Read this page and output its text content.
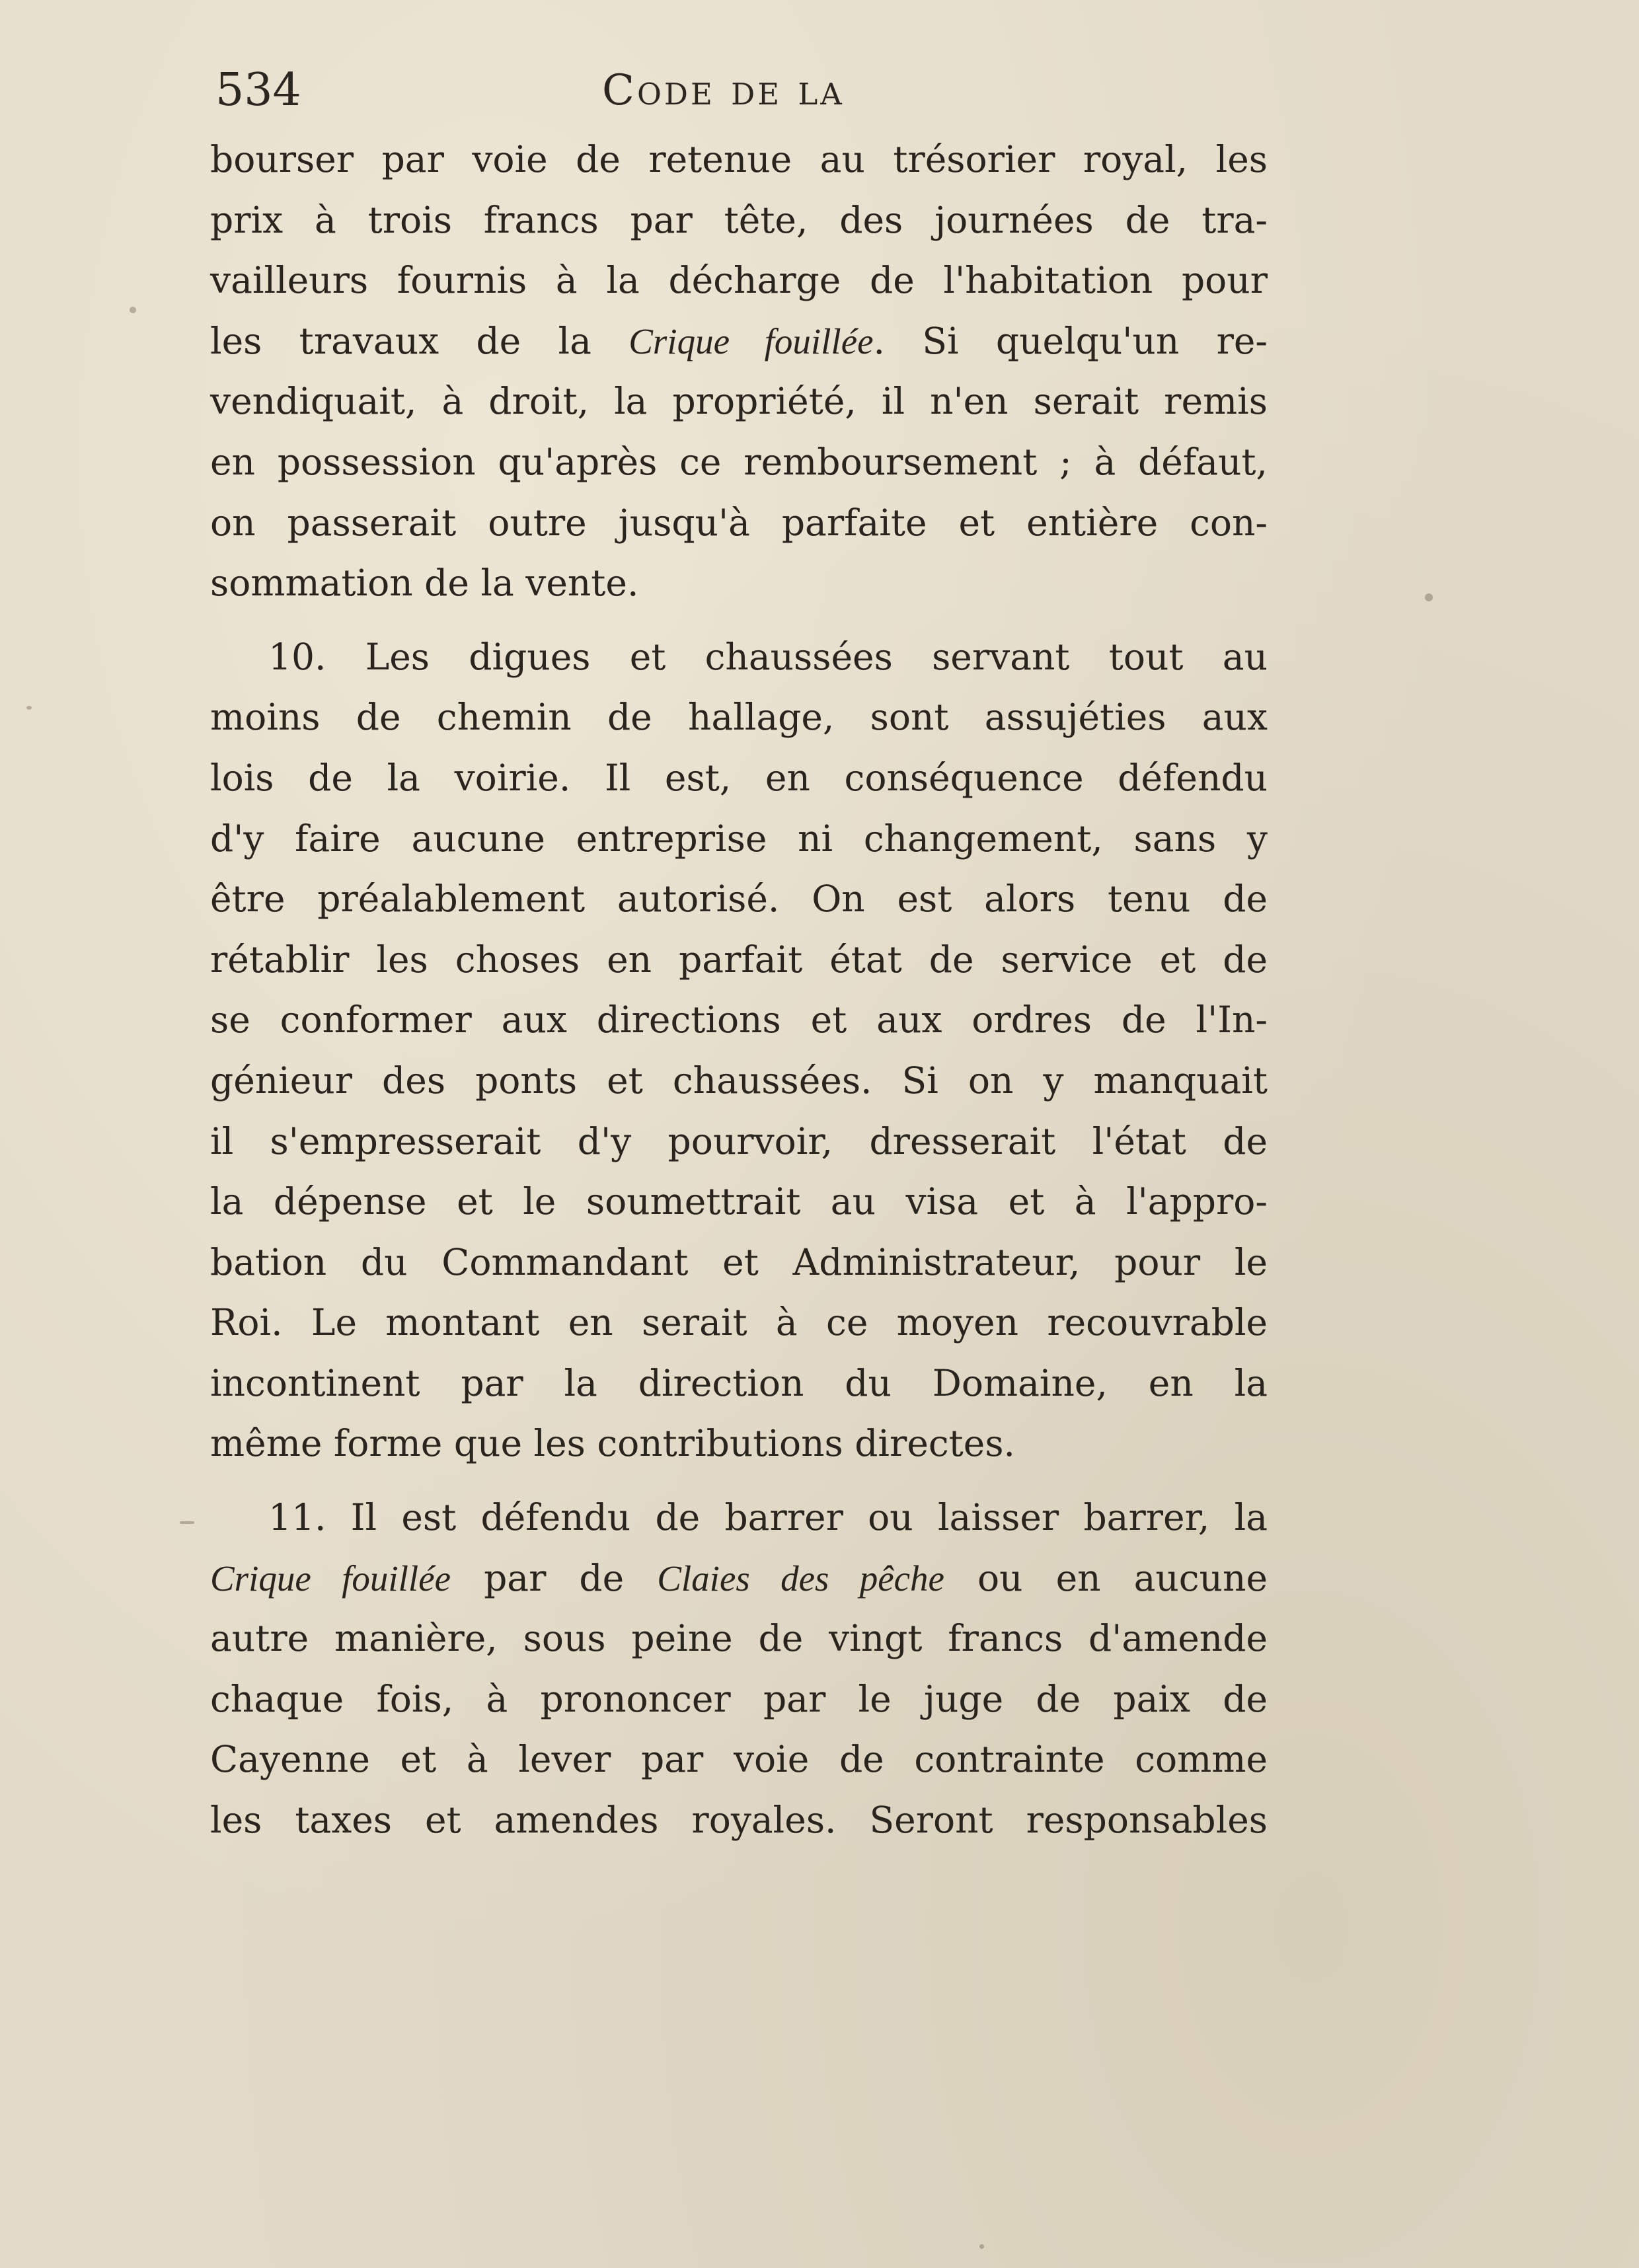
534	Code de la
bourser par voie de retenue au trésorier royal, les
prix à trois francs par tête, des journées de tra-
vailleurs fournis à la décharge de l'habitation pour
les travaux de la Crique fouillée. Si quelqu'un re-
vendiquait, à droit, la propriété, il n'en serait remis
en possession qu'après ce remboursement ; à défaut,
on passerait outre jusqu'à parfaite et entière con-
sommation de la vente.
10. Les digues et chaussées servant tout au
moins de chemin de hallage, sont assujéties aux
lois de la voirie. Il est, en conséquence défendu
d'y faire aucune entreprise ni changement, sans y
être préalablement autorisé. On est alors tenu de
rétablir les choses en parfait état de service et de
se conformer aux directions et aux ordres de l'In-
génieur des ponts et chaussées. Si on y manquait
il s'empresserait d'y pourvoir, dresserait l'état de
la dépense et le soumettrait au visa et à l'appro-
bation du Commandant et Administrateur, pour le
Roi. Le montant en serait à ce moyen recouvrable
incontinent par la direction du Domaine, en la
même forme que les contributions directes.
11. Il est défendu de barrer ou laisser barrer, la
Crique fouillée par de Claies des pêche ou en aucune
autre manière, sous peine de vingt francs d'amende
chaque fois, à prononcer par le juge de paix de
Cayenne et à lever par voie de contrainte comme
les taxes et amendes royales. Seront responsables
